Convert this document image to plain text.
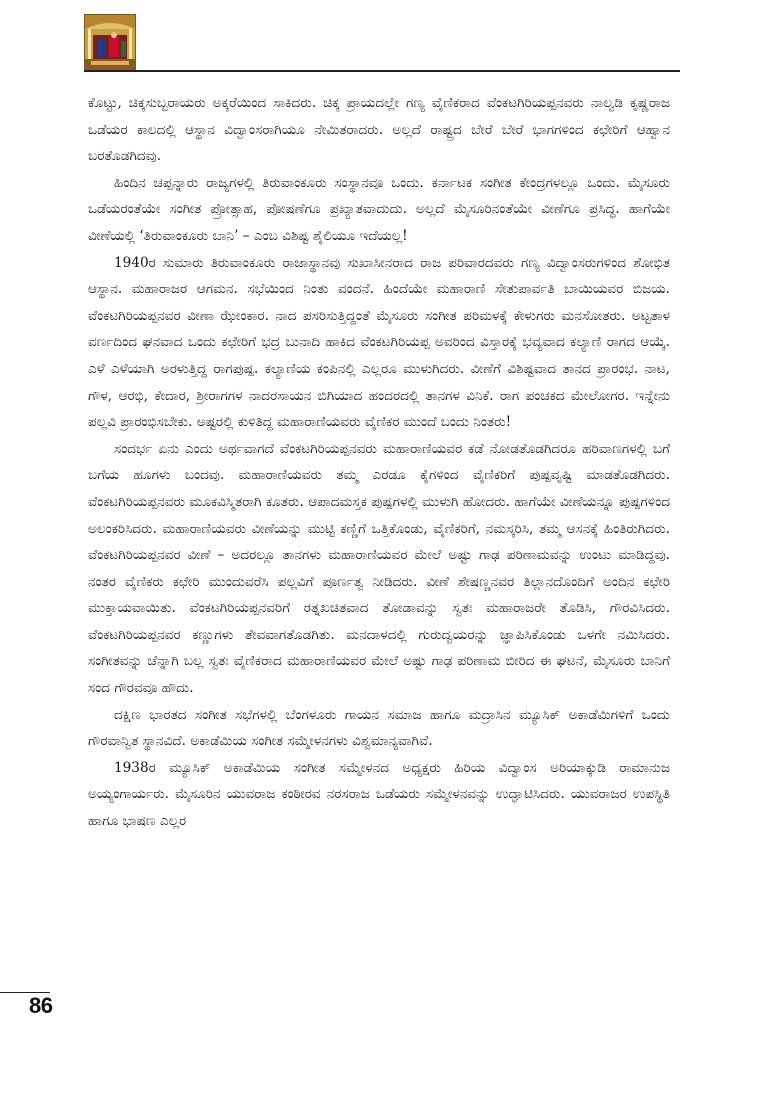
ಕೊಟ್ಟು, ಚಿಕ್ಕಸುಬ್ಬರಾಯರು ಅಕ್ಕರೆಯಿಂದ ಸಾಕಿದರು. ಚಿಕ್ಕ ಪ್ರಾಯದಲ್ಲೇ ಗಣ್ಯ ವೈಣಿಕರಾದ ವೆಂಕಟಗಿರಿಯಪ್ಪನವರು ನಾಲ್ವಡಿ ಕೃಷ್ಣರಾಜ ಒಡೆಯರ ಕಾಲದಲ್ಲಿ ಆಸ್ಥಾನ ವಿದ್ವಾಂಸರಾಗಿಯೂ ನೇಮಿತರಾದರು. ಅಲ್ಲದೆ ರಾಷ್ಟ್ರದ ಬೇರೆ ಬೇರೆ ಭಾಗಗಳಿಂದ ಕಛೇರಿಗೆ ಆಹ್ವಾನ ಬರತೊಡಗಿದವು.

ಹಿಂದಿನ ಚಪ್ಪನ್ನಾರು ರಾಜ್ಯಗಳಲ್ಲಿ ತಿರುವಾಂಕೂರು ಸಂಸ್ಥಾನವೂ ಒಂದು. ಕರ್ನಾಟಕ ಸಂಗೀತ ಕೇಂದ್ರಗಳಲ್ಲೂ ಒಂದು. ಮೈಸೂರು ಒಡೆಯರಂತೆಯೇ ಸಂಗೀತ ಪ್ರೋತ್ಸಾಹ, ಪೋಷಣೆಗೂ ಪ್ರಖ್ಯಾತವಾದುದು. ಅಲ್ಲದೆ ಮೈಸೂರಿನಂತೆಯೇ ವೀಣೆಗೂ ಪ್ರಸಿದ್ಧ. ಹಾಗೆಯೇ ವೀಣೆಯಲ್ಲಿ ‘ತಿರುವಾಂಕೂರು ಬಾನಿ’ – ಎಂಬ ವಿಶಿಷ್ಟ ಶೈಲಿಯೂ ಇದೆಯಲ್ಲ!

1940ರ ಸುಮಾರು ತಿರುವಾಂಕೂರು ರಾಜಾಸ್ಥಾನವು ಸುಖಾಸೀನರಾದ ರಾಜ ಪರಿವಾರದವರು ಗಣ್ಯ ವಿದ್ವಾಂಸರುಗಳಿಂದ ಶೋಭಿತ ಆಸ್ಥಾನ. ಮಹಾರಾಜರ ಆಗಮನ. ಸಭೆಯಿಂದ ನಿಂತು ವಂದನೆ. ಹಿಂದೆಯೇ ಮಹಾರಾಣಿ ಸೇತುಪಾರ್ವತಿ ಬಾಯಿಯವರ ಬಿಜಯ. ವೆಂಕಟಗಿರಿಯಪ್ಪನವರ ವೀಣಾ ಝೇಂಕಾರ. ನಾದ ಪಸರಿಸುತ್ತಿದ್ದಂತೆ ಮೈಸೂರು ಸಂಗೀತ ಪರಿಮಳಕ್ಕೆ ಕೇಳುಗರು ಮನಸೋತರು. ಅಟ್ಟತಾಳ ವರ್ಣದಿಂದ ಘನವಾದ ಒಂದು ಕಛೇರಿಗೆ ಭದ್ರ ಬುನಾದಿ ಹಾಕಿದ ವೆಂಕಟಗಿರಿಯಪ್ಪ ಅವರಿಂದ ವಿಸ್ತಾರಕ್ಕೆ ಭವ್ಯವಾದ ಕಲ್ಯಾಣಿ ರಾಗದ ಆಯ್ಕೆ. ಎಳೆ ಎಳೆಯಾಗಿ ಅರಳುತ್ತಿದ್ದ ರಾಗಪುಷ್ಪ. ಕಲ್ಯಾಣಿಯ ಕಂಪಿನಲ್ಲಿ ಎಲ್ಲರೂ ಮುಳುಗಿದರು. ವೀಣೆಗೆ ವಿಶಿಷ್ಟವಾದ ತಾನದ ಪ್ರಾರಂಭ. ನಾಟ, ಗೌಳ, ಆರಭಿ, ಕೇದಾರ, ಶ್ರೀರಾಗಗಳ ನಾದರಸಾಯನ ಬಿಗಿಯಾದ ಹಂದರದಲ್ಲಿ ತಾನಗಳ ವಿನಿಕೆ. ರಾಗ ಪಂಚಕದ ಮೇಲೋಗರ. ಇನ್ನೇನು ಪಲ್ಲವಿ ಪ್ರಾರಂಭಿಸಬೇಕು. ಅಷ್ಟರಲ್ಲಿ ಕುಳಿತಿದ್ದ ಮಹಾರಾಣಿಯವರು ವೈಣಿಕರ ಮುಂದೆ ಬಂದು ನಿಂತರು!

ಸಂದರ್ಭ ಏನು ಎಂದು ಅರ್ಥವಾಗದೆ ವೆಂಕಟಗಿರಿಯಪ್ಪನವರು ಮಹಾರಾಣಿಯವರ ಕಡೆ ನೋಡತೊಡಗಿದರೂ ಹರಿವಾಣಗಳಲ್ಲಿ ಬಗೆ ಬಗೆಯ ಹೂಗಳು ಬಂದವು. ಮಹಾರಾಣಿಯವರು ತಮ್ಮ ಎರಡೂ ಕೈಗಳಿಂದ ವೈಣಿಕರಿಗೆ ಪುಷ್ಪವೃಷ್ಟಿ ಮಾಡತೊಡಗಿದರು. ವೆಂಕಟಗಿರಿಯಪ್ಪನವರು ಮೂಕವಿಸ್ಮಿತರಾಗಿ ಕೂತರು. ಆಪಾದಮಸ್ತಕ ಪುಷ್ಪಗಳಲ್ಲಿ ಮುಳುಗಿ ಹೋದರು. ಹಾಗೆಯೇ ವೀಣೆಯನ್ನೂ ಪುಷ್ಪಗಳಿಂದ ಅಲಂಕರಿಸಿದರು. ಮಹಾರಾಣಿಯವರು ವೀಣೆಯನ್ನು ಮುಟ್ಟಿ ಕಣ್ಣಿಗೆ ಒತ್ತಿಕೊಂಡು, ವೈಣಿಕರಿಗೆ, ನಮಸ್ಕರಿಸಿ, ತಮ್ಮ ಆಸನಕ್ಕೆ ಹಿಂತಿರುಗಿದರು. ವೆಂಕಟಗಿರಿಯಪ್ಪನವರ ವೀಣೆ – ಅದರಲ್ಲೂ ತಾನಗಳು ಮಹಾರಾಣಿಯವರ ಮೇಲೆ ಅಷ್ಟು ಗಾಢ ಪರಿಣಾಮವನ್ನು ಉಂಟು ಮಾಡಿದ್ದವು. ನಂತರ ವೈಣಿಕರು ಕಛೇರಿ ಮುಂದುವರೆಸಿ ಪಲ್ಲವಿಗೆ ಪೂರ್ಣತ್ವ ನೀಡಿದರು. ವೀಣೆ ಶೇಷಣ್ಣನವರ ತಿಲ್ಲಾನದೊಂದಿಗೆ ಅಂದಿನ ಕಛೇರಿ ಮುಕ್ತಾಯವಾಯಿತು. ವೆಂಕಟಗಿರಿಯಪ್ಪನವರಿಗೆ ರತ್ನಖಚಿತವಾದ ತೋಡಾವನ್ನು ಸ್ವತಃ ಮಹಾರಾಜರೇ ತೊಡಿಸಿ, ಗೌರವಿಸಿದರು. ವೆಂಕಟಗಿರಿಯಪ್ಪನವರ ಕಣ್ಣುಗಳು ತೇವವಾಗತೊಡಗಿತು. ಮನದಾಳದಲ್ಲಿ ಗುರುದ್ವಯರನ್ನು ಜ್ಞಾಪಿಸಿಕೊಂಡು ಒಳಗೇ ನಮಿಸಿದರು. ಸಂಗೀತವನ್ನು ಚೆನ್ನಾಗಿ ಬಲ್ಲ ಸ್ವತಃ ವೈಣಿಕರಾದ ಮಹಾರಾಣಿಯವರ ಮೇಲೆ ಅಷ್ಟು ಗಾಢ ಪರಿಣಾಮ ಬೀರಿದ ಈ ಘಟನೆ, ಮೈಸೂರು ಬಾನಿಗೆ ಸಂದ ಗೌರವವೂ ಹೌದು.

ದಕ್ಷಿಣ ಭಾರತದ ಸಂಗೀತ ಸಭೆಗಳಲ್ಲಿ ಬೆಂಗಳೂರು ಗಾಯನ ಸಮಾಜ ಹಾಗೂ ಮದ್ರಾಸಿನ ಮ್ಯೂಸಿಕ್ ಅಕಾಡೆಮಿಗಳಿಗೆ ಒಂದು ಗೌರವಾನ್ವಿತ ಸ್ಥಾನವಿದೆ. ಅಕಾಡೆಮಿಯ ಸಂಗೀತ ಸಮ್ಮೇಳನಗಳು ವಿಶ್ವಮಾನ್ಯವಾಗಿವೆ.

1938ರ ಮ್ಯೂಸಿಕ್ ಅಕಾಡೆಮಿಯ ಸಂಗೀತ ಸಮ್ಮೇಳನದ ಅಧ್ಯಕ್ಷರು ಹಿರಿಯ ವಿದ್ವಾಂಸ ಅರಿಯಾಕ್ಕುಡಿ ರಾಮಾನುಜ ಅಯ್ಯಂಗಾರ್ಯರು. ಮೈಸೂರಿನ ಯುವರಾಜ ಕಂಠೀರವ ನರಸರಾಜ ಒಡೆಯರು ಸಮ್ಮೇಳನವನ್ನು ಉದ್ಘಾಟಿಸಿದರು. ಯುವರಾಜರ ಉಪಸ್ಥಿತಿ ಹಾಗೂ ಭಾಷಣ ಎಲ್ಲರ

86
